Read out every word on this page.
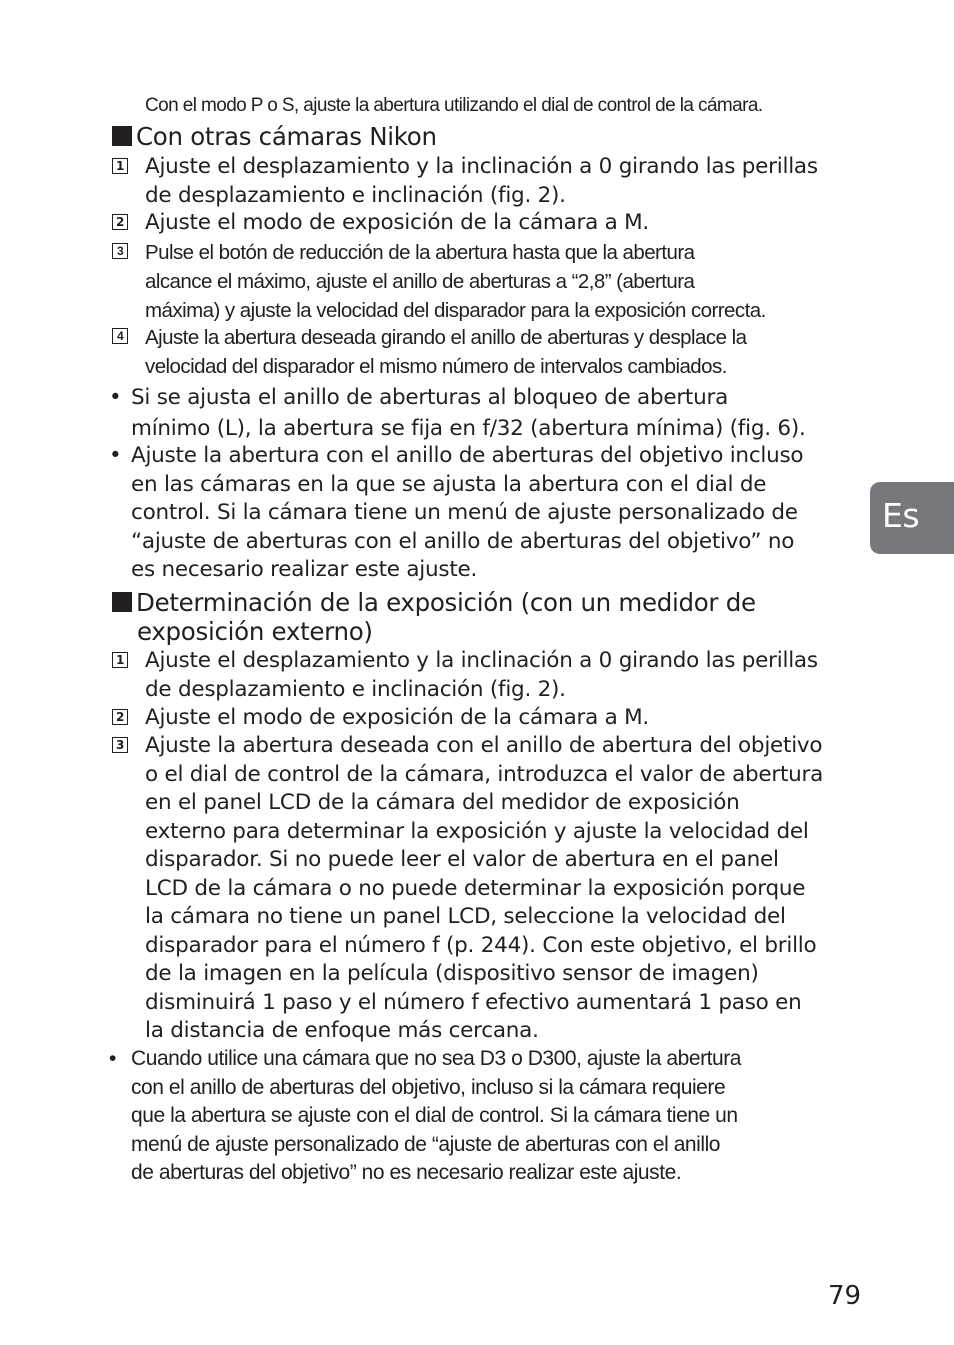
Con el modo P o S, ajuste la abertura utilizando el dial de control de la cámara.
Con otras cámaras Nikon
1 Ajuste el desplazamiento y la inclinación a 0 girando las perillas
de desplazamiento e inclinación (fig. 2).
2 Ajuste el modo de exposición de la cámara a M.
3 Pulse el botón de reducción de la abertura hasta que la abertura
alcance el máximo, ajuste el anillo de aberturas a “2,8” (abertura
máxima) y ajuste la velocidad del disparador para la exposición correcta.
4 Ajuste la abertura deseada girando el anillo de aberturas y desplace la
velocidad del disparador el mismo número de intervalos cambiados.
• Si se ajusta el anillo de aberturas al bloqueo de abertura
mínimo (L), la abertura se fija en f/32 (abertura mínima) (fig. 6).
• Ajuste la abertura con el anillo de aberturas del objetivo incluso
en las cámaras en la que se ajusta la abertura con el dial de
control. Si la cámara tiene un menú de ajuste personalizado de
“ajuste de aberturas con el anillo de aberturas del objetivo” no
es necesario realizar este ajuste.
Determinación de la exposición (con un medidor de
exposición externo)
1 Ajuste el desplazamiento y la inclinación a 0 girando las perillas
de desplazamiento e inclinación (fig. 2).
2 Ajuste el modo de exposición de la cámara a M.
3 Ajuste la abertura deseada con el anillo de abertura del objetivo
o el dial de control de la cámara, introduzca el valor de abertura
en el panel LCD de la cámara del medidor de exposición
externo para determinar la exposición y ajuste la velocidad del
disparador. Si no puede leer el valor de abertura en el panel
LCD de la cámara o no puede determinar la exposición porque
la cámara no tiene un panel LCD, seleccione la velocidad del
disparador para el número f (p. 244). Con este objetivo, el brillo
de la imagen en la película (dispositivo sensor de imagen)
disminuirá 1 paso y el número f efectivo aumentará 1 paso en
la distancia de enfoque más cercana.
• Cuando utilice una cámara que no sea D3 o D300, ajuste la abertura
con el anillo de aberturas del objetivo, incluso si la cámara requiere
que la abertura se ajuste con el dial de control. Si la cámara tiene un
menú de ajuste personalizado de “ajuste de aberturas con el anillo
de aberturas del objetivo” no es necesario realizar este ajuste.
Es
79
